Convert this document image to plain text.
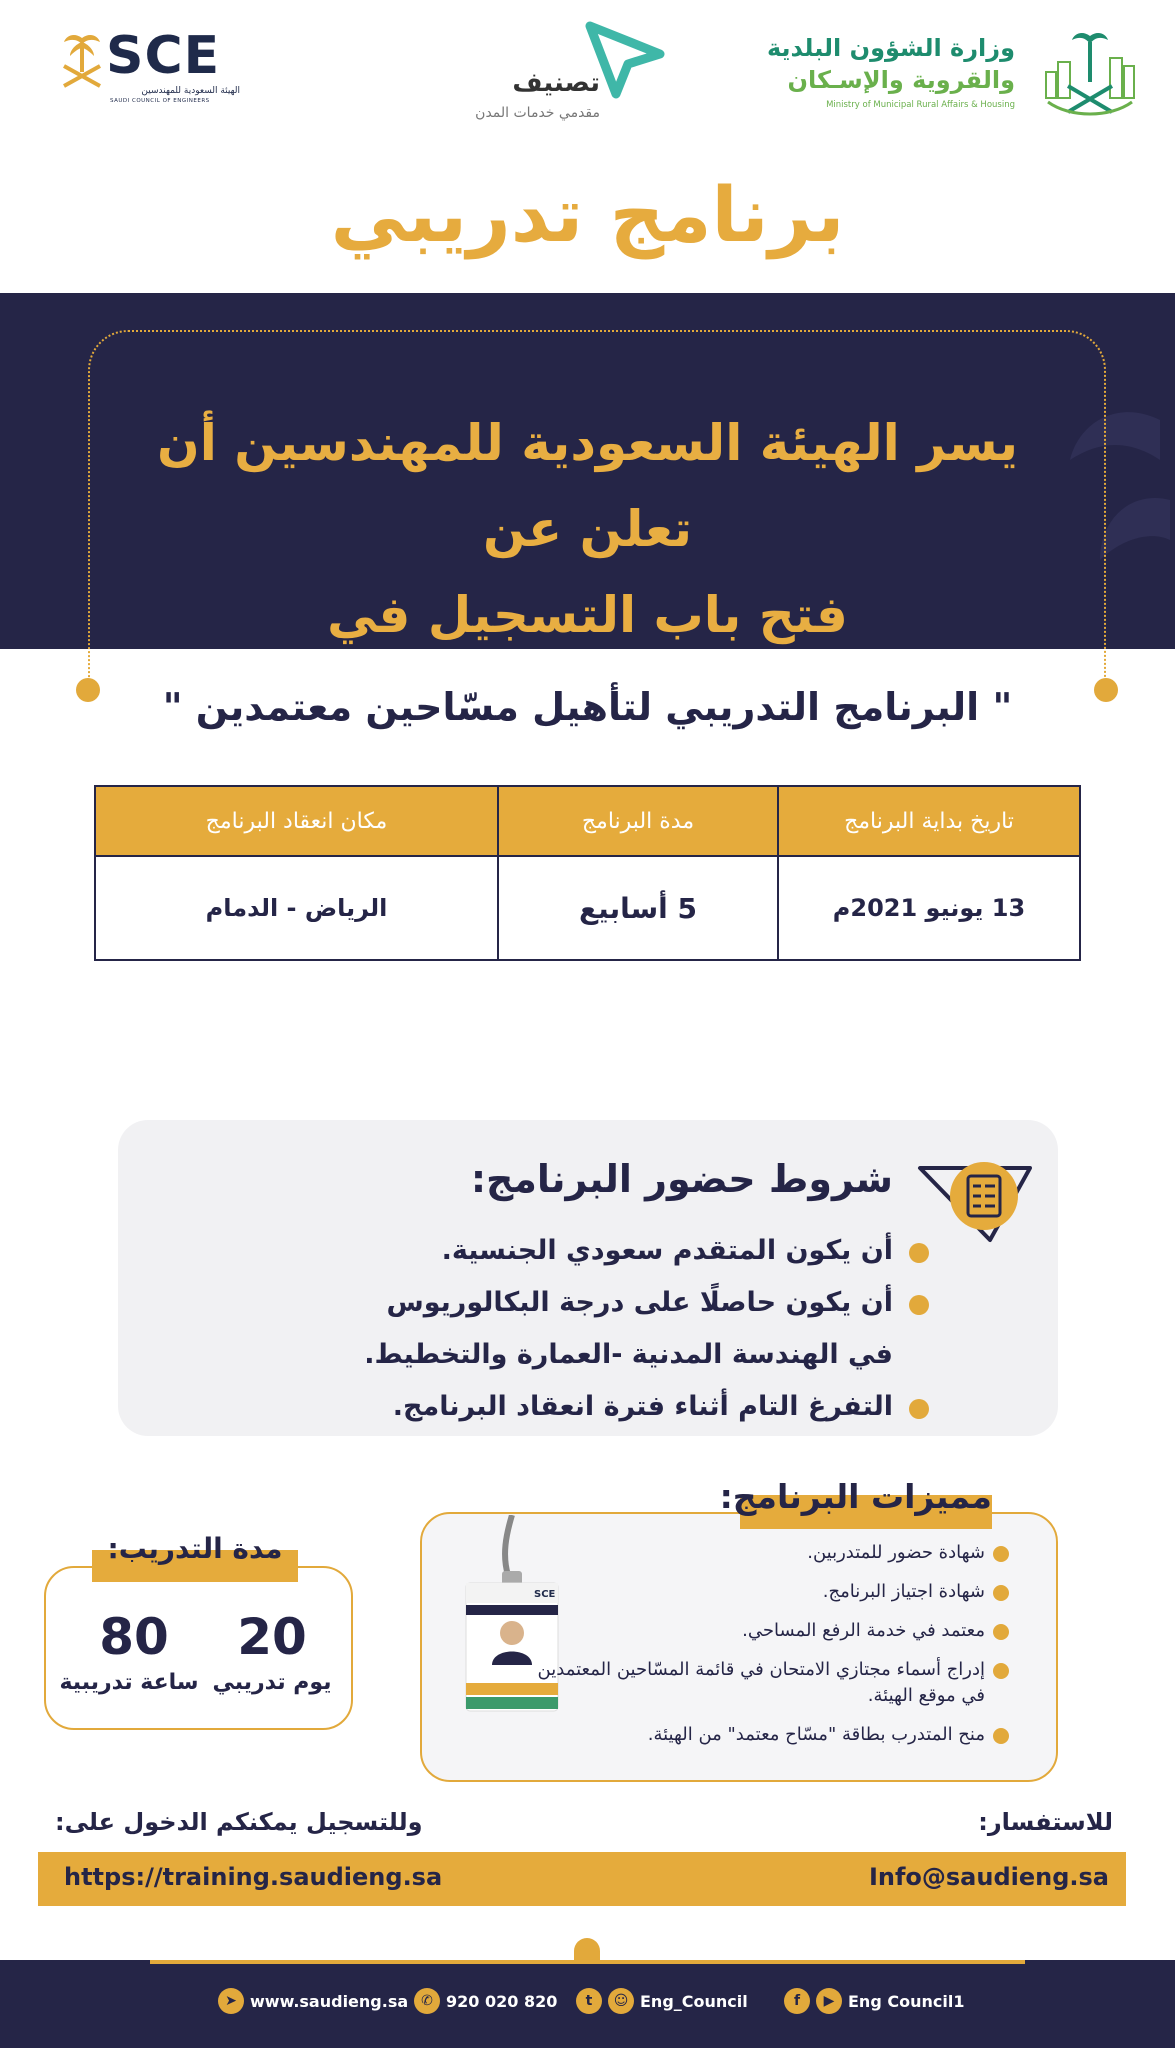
SCE
الهيئة السعودية للمهندسين
SAUDI COUNCIL OF ENGINEERS
تصنيف
مقدمي خدمات المدن
وزارة الشؤون البلدية
والقروية والإسـكان
Ministry of Municipal Rural Affairs & Housing
برنامج تدريبي
يسر الهيئة السعودية للمهندسين أن تعلن عن
فتح باب التسجيل في
" البرنامج التدريبي لتأهيل مسّاحين معتمدين "
تاريخ بداية البرنامج	مدة البرنامج	مكان انعقاد البرنامج
13 يونيو 2021م	5 أسابيع	الرياض - الدمام
شروط حضور البرنامج:
أن يكون المتقدم سعودي الجنسية.
أن يكون حاصلًا على درجة البكالوريوس
في الهندسة المدنية -العمارة والتخطيط.
التفرغ التام أثناء فترة انعقاد البرنامج.
مميزات البرنامج:
SCE
شهادة حضور للمتدربين.
شهادة اجتياز البرنامج.
معتمد في خدمة الرفع المساحي.
إدراج أسماء مجتازي الامتحان في قائمة المسّاحين المعتمدين في موقع الهيئة.
منح المتدرب بطاقة "مسّاح معتمد" من الهيئة.
مدة التدريب:
20
يوم تدريبي
80
ساعة تدريبية
للاستفسار:
وللتسجيل يمكنكم الدخول على:
https://training.saudieng.sa	Info@saudieng.sa
➤ www.saudieng.sa ✆ 920 020 820	t	☺ Eng_Council	f	▶ Eng Council1
